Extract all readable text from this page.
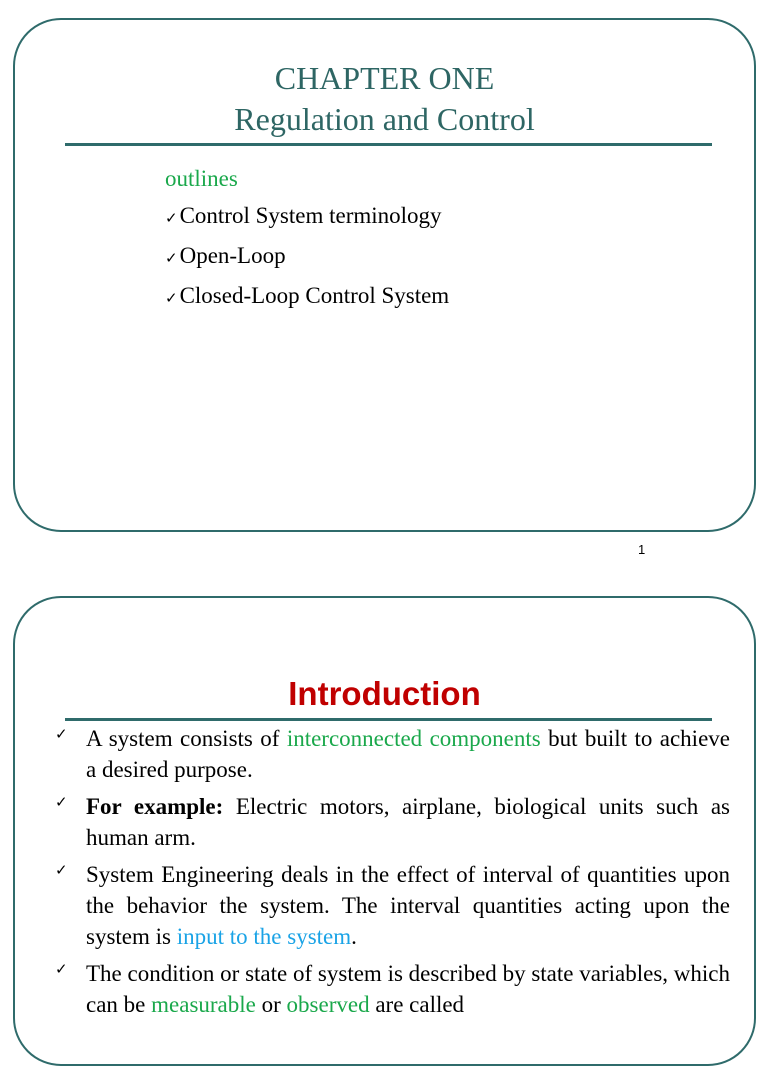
CHAPTER ONE
Regulation and Control
outlines
✓ Control System terminology
✓ Open-Loop
✓ Closed-Loop Control System
1
Introduction
✓ A system consists of interconnected components but built to achieve a desired purpose.
✓ For example: Electric motors, airplane, biological units such as human arm.
✓ System Engineering deals in the effect of interval of quantities upon the behavior the system. The interval quantities acting upon the system is input to the system.
✓ The condition or state of system is described by state variables, which can be measurable or observed are called
